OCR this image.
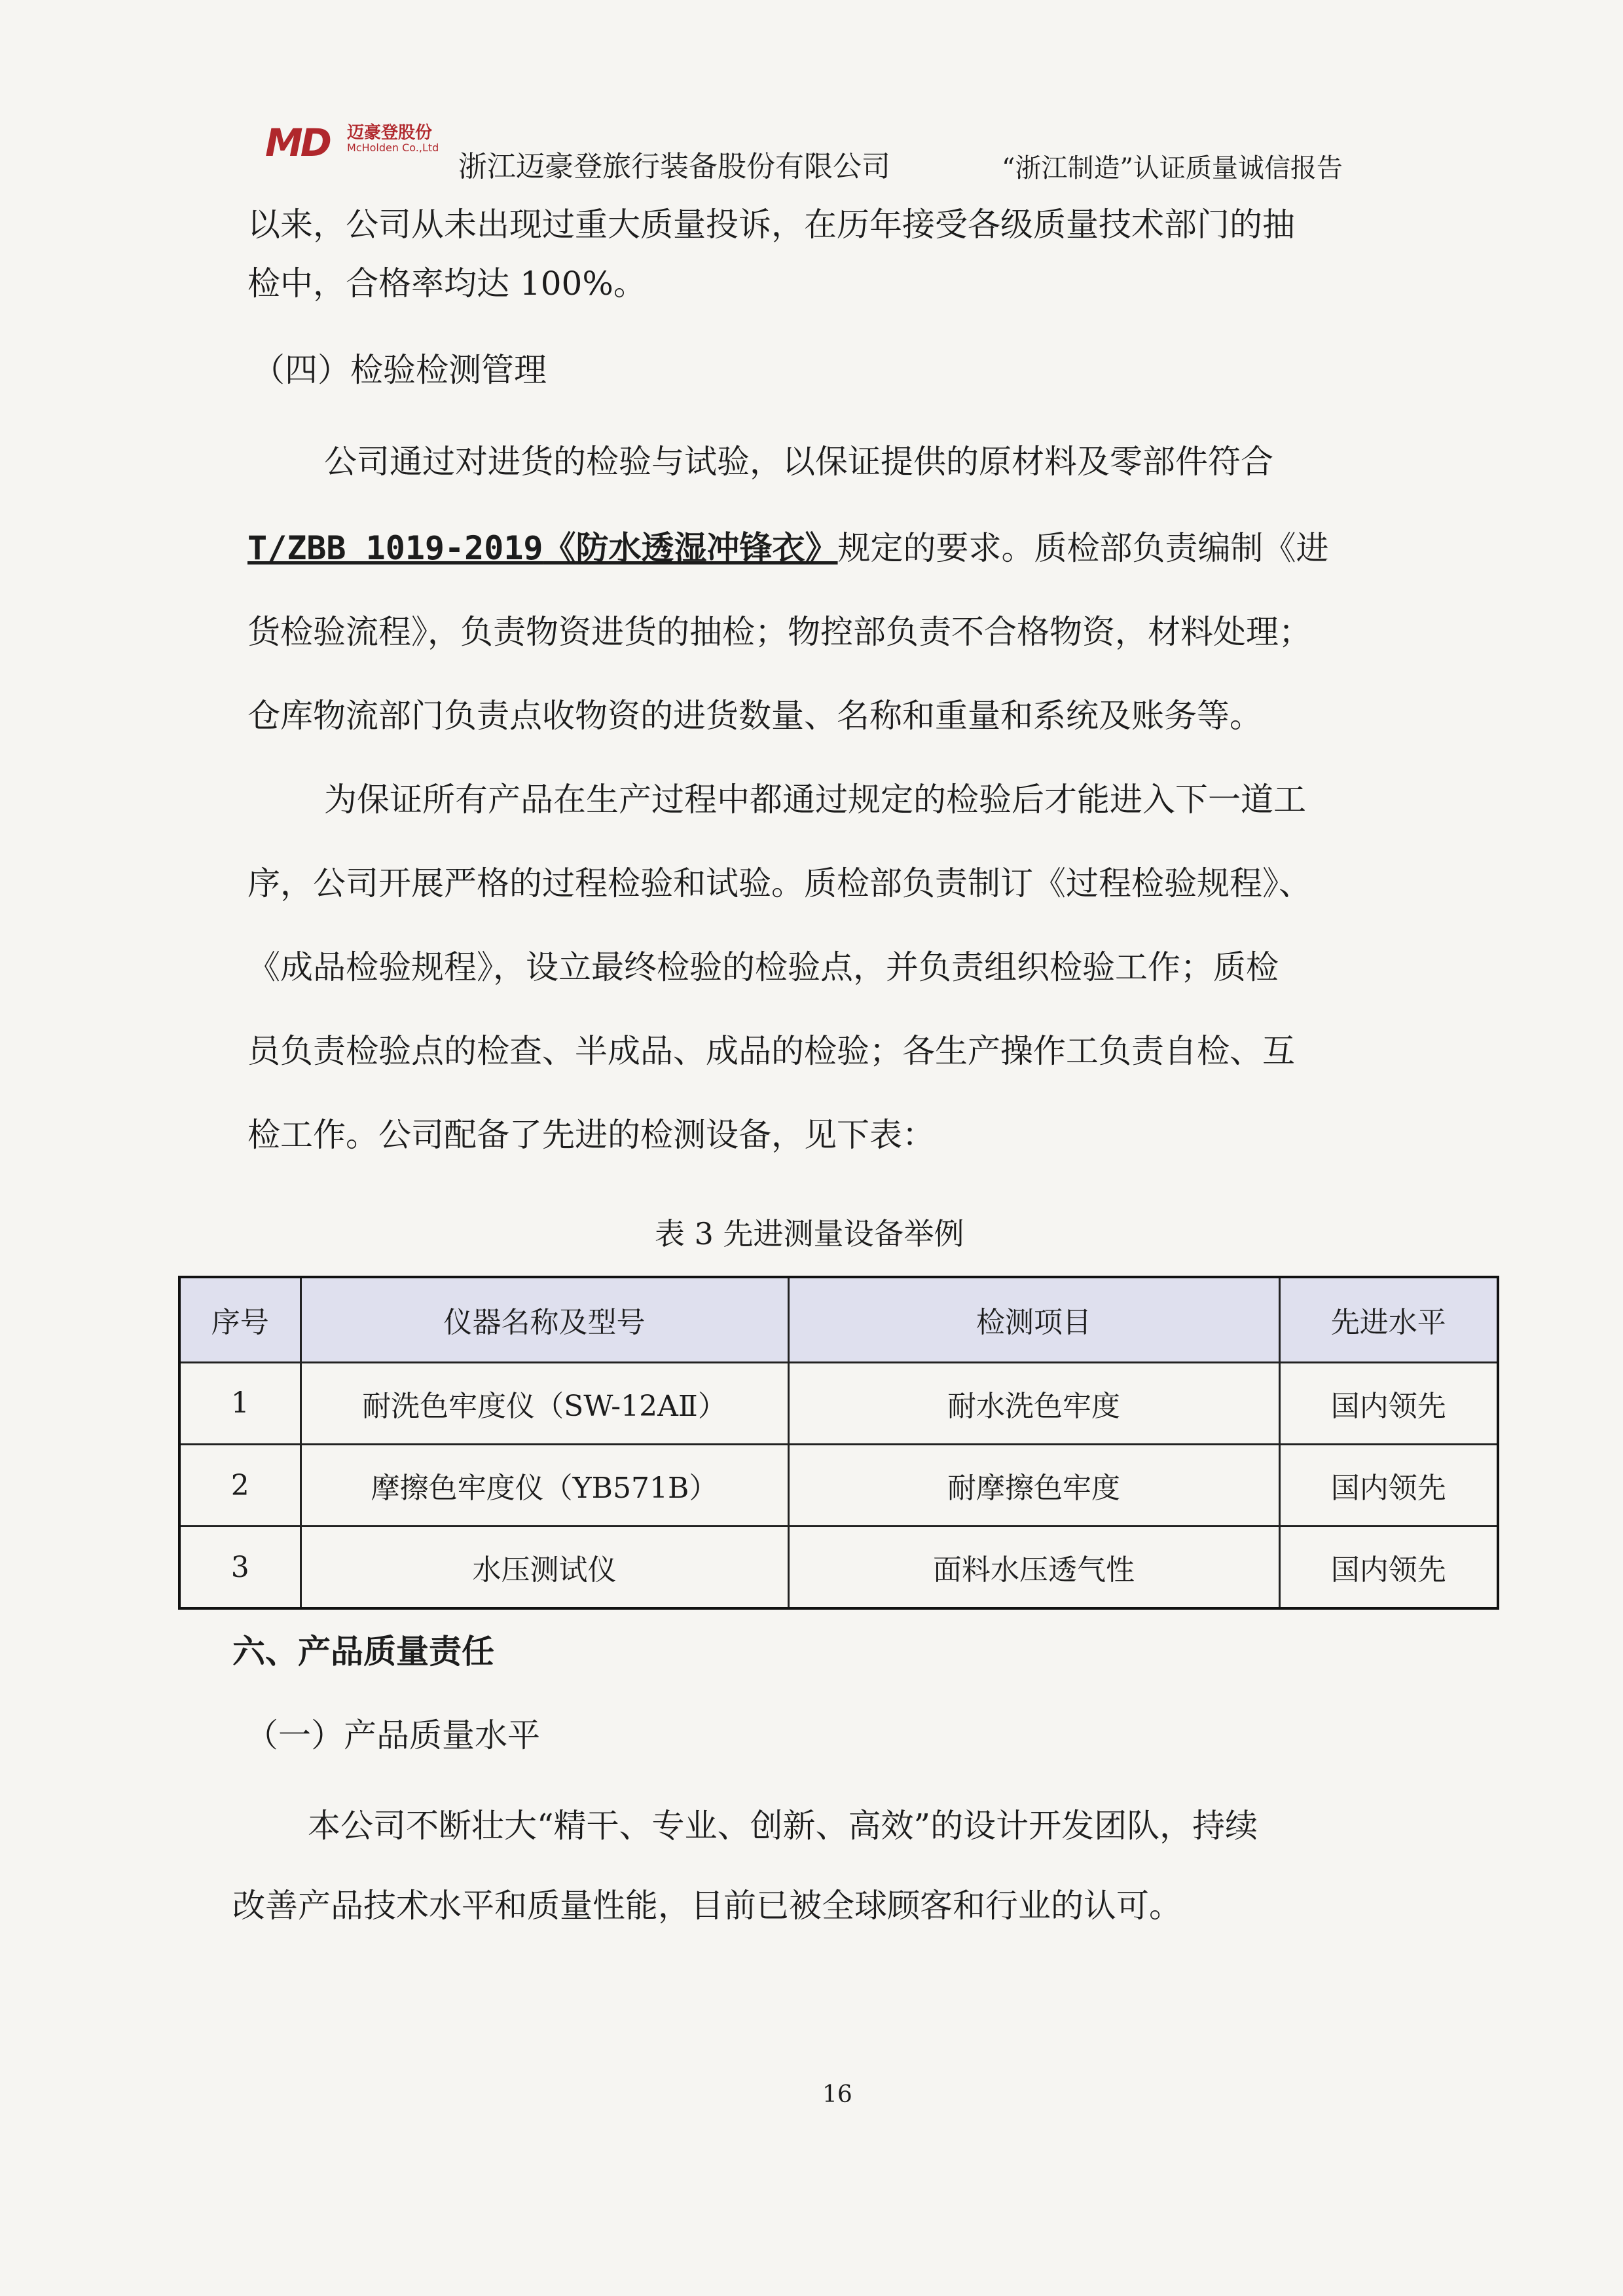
MD 迈豪登股份
McHolden Co.,Ltd
浙江迈豪登旅行装备股份有限公司	“浙江制造”认证质量诚信报告
以来，公司从未出现过重大质量投诉，在历年接受各级质量技术部门的抽
检中，合格率均达 100%。
（四）检验检测管理
公司通过对进货的检验与试验，以保证提供的原材料及零部件符合
T/ZBB 1019-2019《防水透湿冲锋衣》规定的要求。质检部负责编制《进
货检验流程》，负责物资进货的抽检；物控部负责不合格物资，材料处理；
仓库物流部门负责点收物资的进货数量、名称和重量和系统及账务等。
为保证所有产品在生产过程中都通过规定的检验后才能进入下一道工
序，公司开展严格的过程检验和试验。质检部负责制订《过程检验规程》、
《成品检验规程》，设立最终检验的检验点，并负责组织检验工作；质检
员负责检验点的检查、半成品、成品的检验；各生产操作工负责自检、互
检工作。公司配备了先进的检测设备，见下表：
表 3 先进测量设备举例
序号	仪器名称及型号	检测项目	先进水平
1	耐洗色牢度仪（SW-12AⅡ）	耐水洗色牢度	国内领先
2	摩擦色牢度仪（YB571B）	耐摩擦色牢度	国内领先
3	水压测试仪	面料水压透气性	国内领先
六、产品质量责任
（一）产品质量水平
本公司不断壮大“精干、专业、创新、高效”的设计开发团队，持续
改善产品技术水平和质量性能，目前已被全球顾客和行业的认可。
16
